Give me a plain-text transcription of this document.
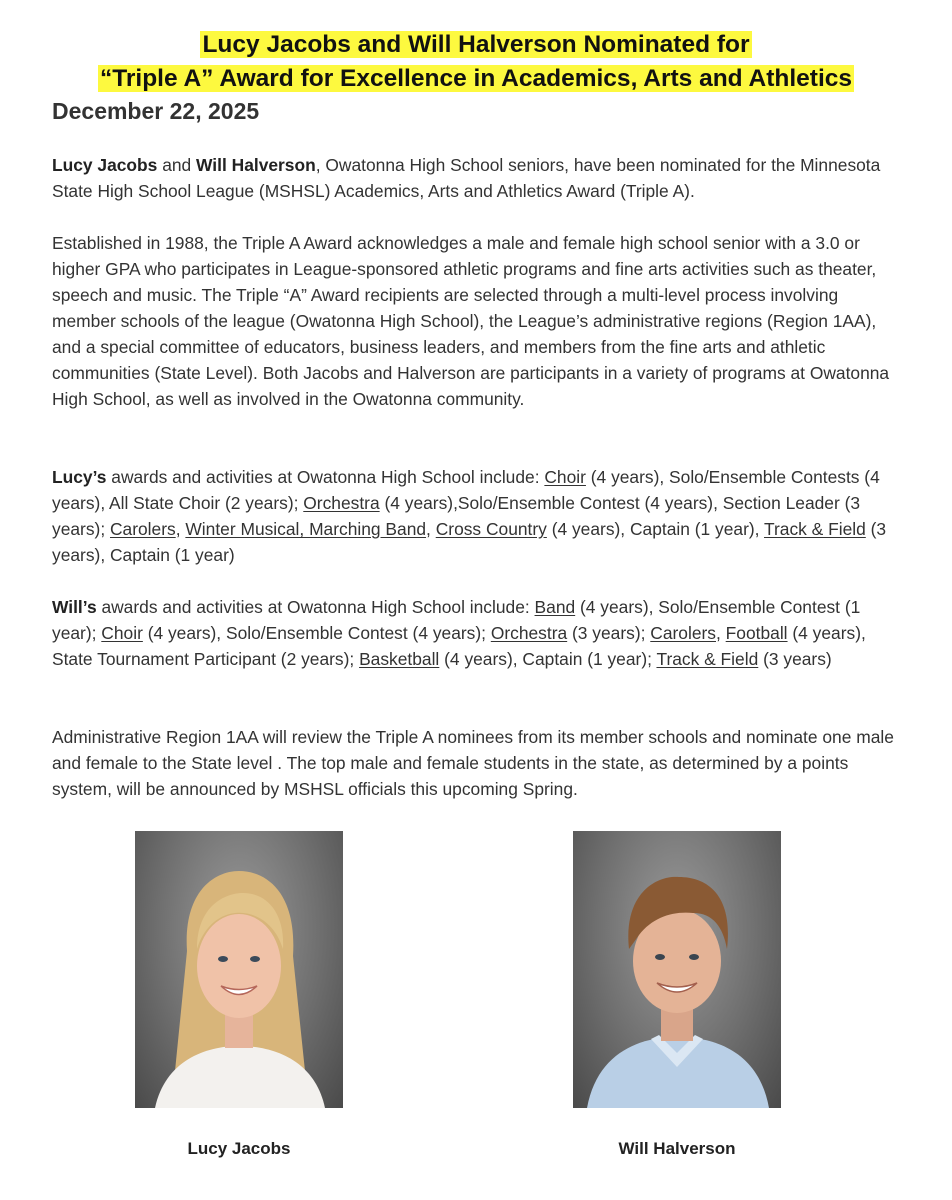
Lucy Jacobs and Will Halverson Nominated for
“Triple A” Award for Excellence in Academics, Arts and Athletics
December 22, 2025
Lucy Jacobs and Will Halverson, Owatonna High School seniors, have been nominated for the Minnesota State High School League (MSHSL) Academics, Arts and Athletics Award (Triple A).
Established in 1988, the Triple A Award acknowledges a male and female high school senior with a 3.0 or higher GPA who participates in League-sponsored athletic programs and fine arts activities such as theater, speech and music. The Triple “A” Award recipients are selected through a multi-level process involving member schools of the league (Owatonna High School), the League’s administrative regions (Region 1AA), and a special committee of educators, business leaders, and members from the fine arts and athletic communities (State Level). Both Jacobs and Halverson are participants in a variety of programs at Owatonna High School, as well as involved in the Owatonna community.
Lucy’s awards and activities at Owatonna High School include: Choir (4 years), Solo/Ensemble Contests (4 years), All State Choir (2 years); Orchestra (4 years),Solo/Ensemble Contest (4 years), Section Leader (3 years); Carolers, Winter Musical, Marching Band, Cross Country (4 years), Captain (1 year), Track & Field (3 years), Captain (1 year)
Will’s awards and activities at Owatonna High School include: Band (4 years), Solo/Ensemble Contest (1 year); Choir (4 years), Solo/Ensemble Contest (4 years); Orchestra (3 years); Carolers, Football (4 years), State Tournament Participant (2 years); Basketball (4 years), Captain (1 year); Track & Field (3 years)
Administrative Region 1AA will review the Triple A nominees from its member schools and nominate one male and female to the State level . The top male and female students in the state, as determined by a points system, will be announced by MSHSL officials this upcoming Spring.
Lucy Jacobs	Will Halverson
